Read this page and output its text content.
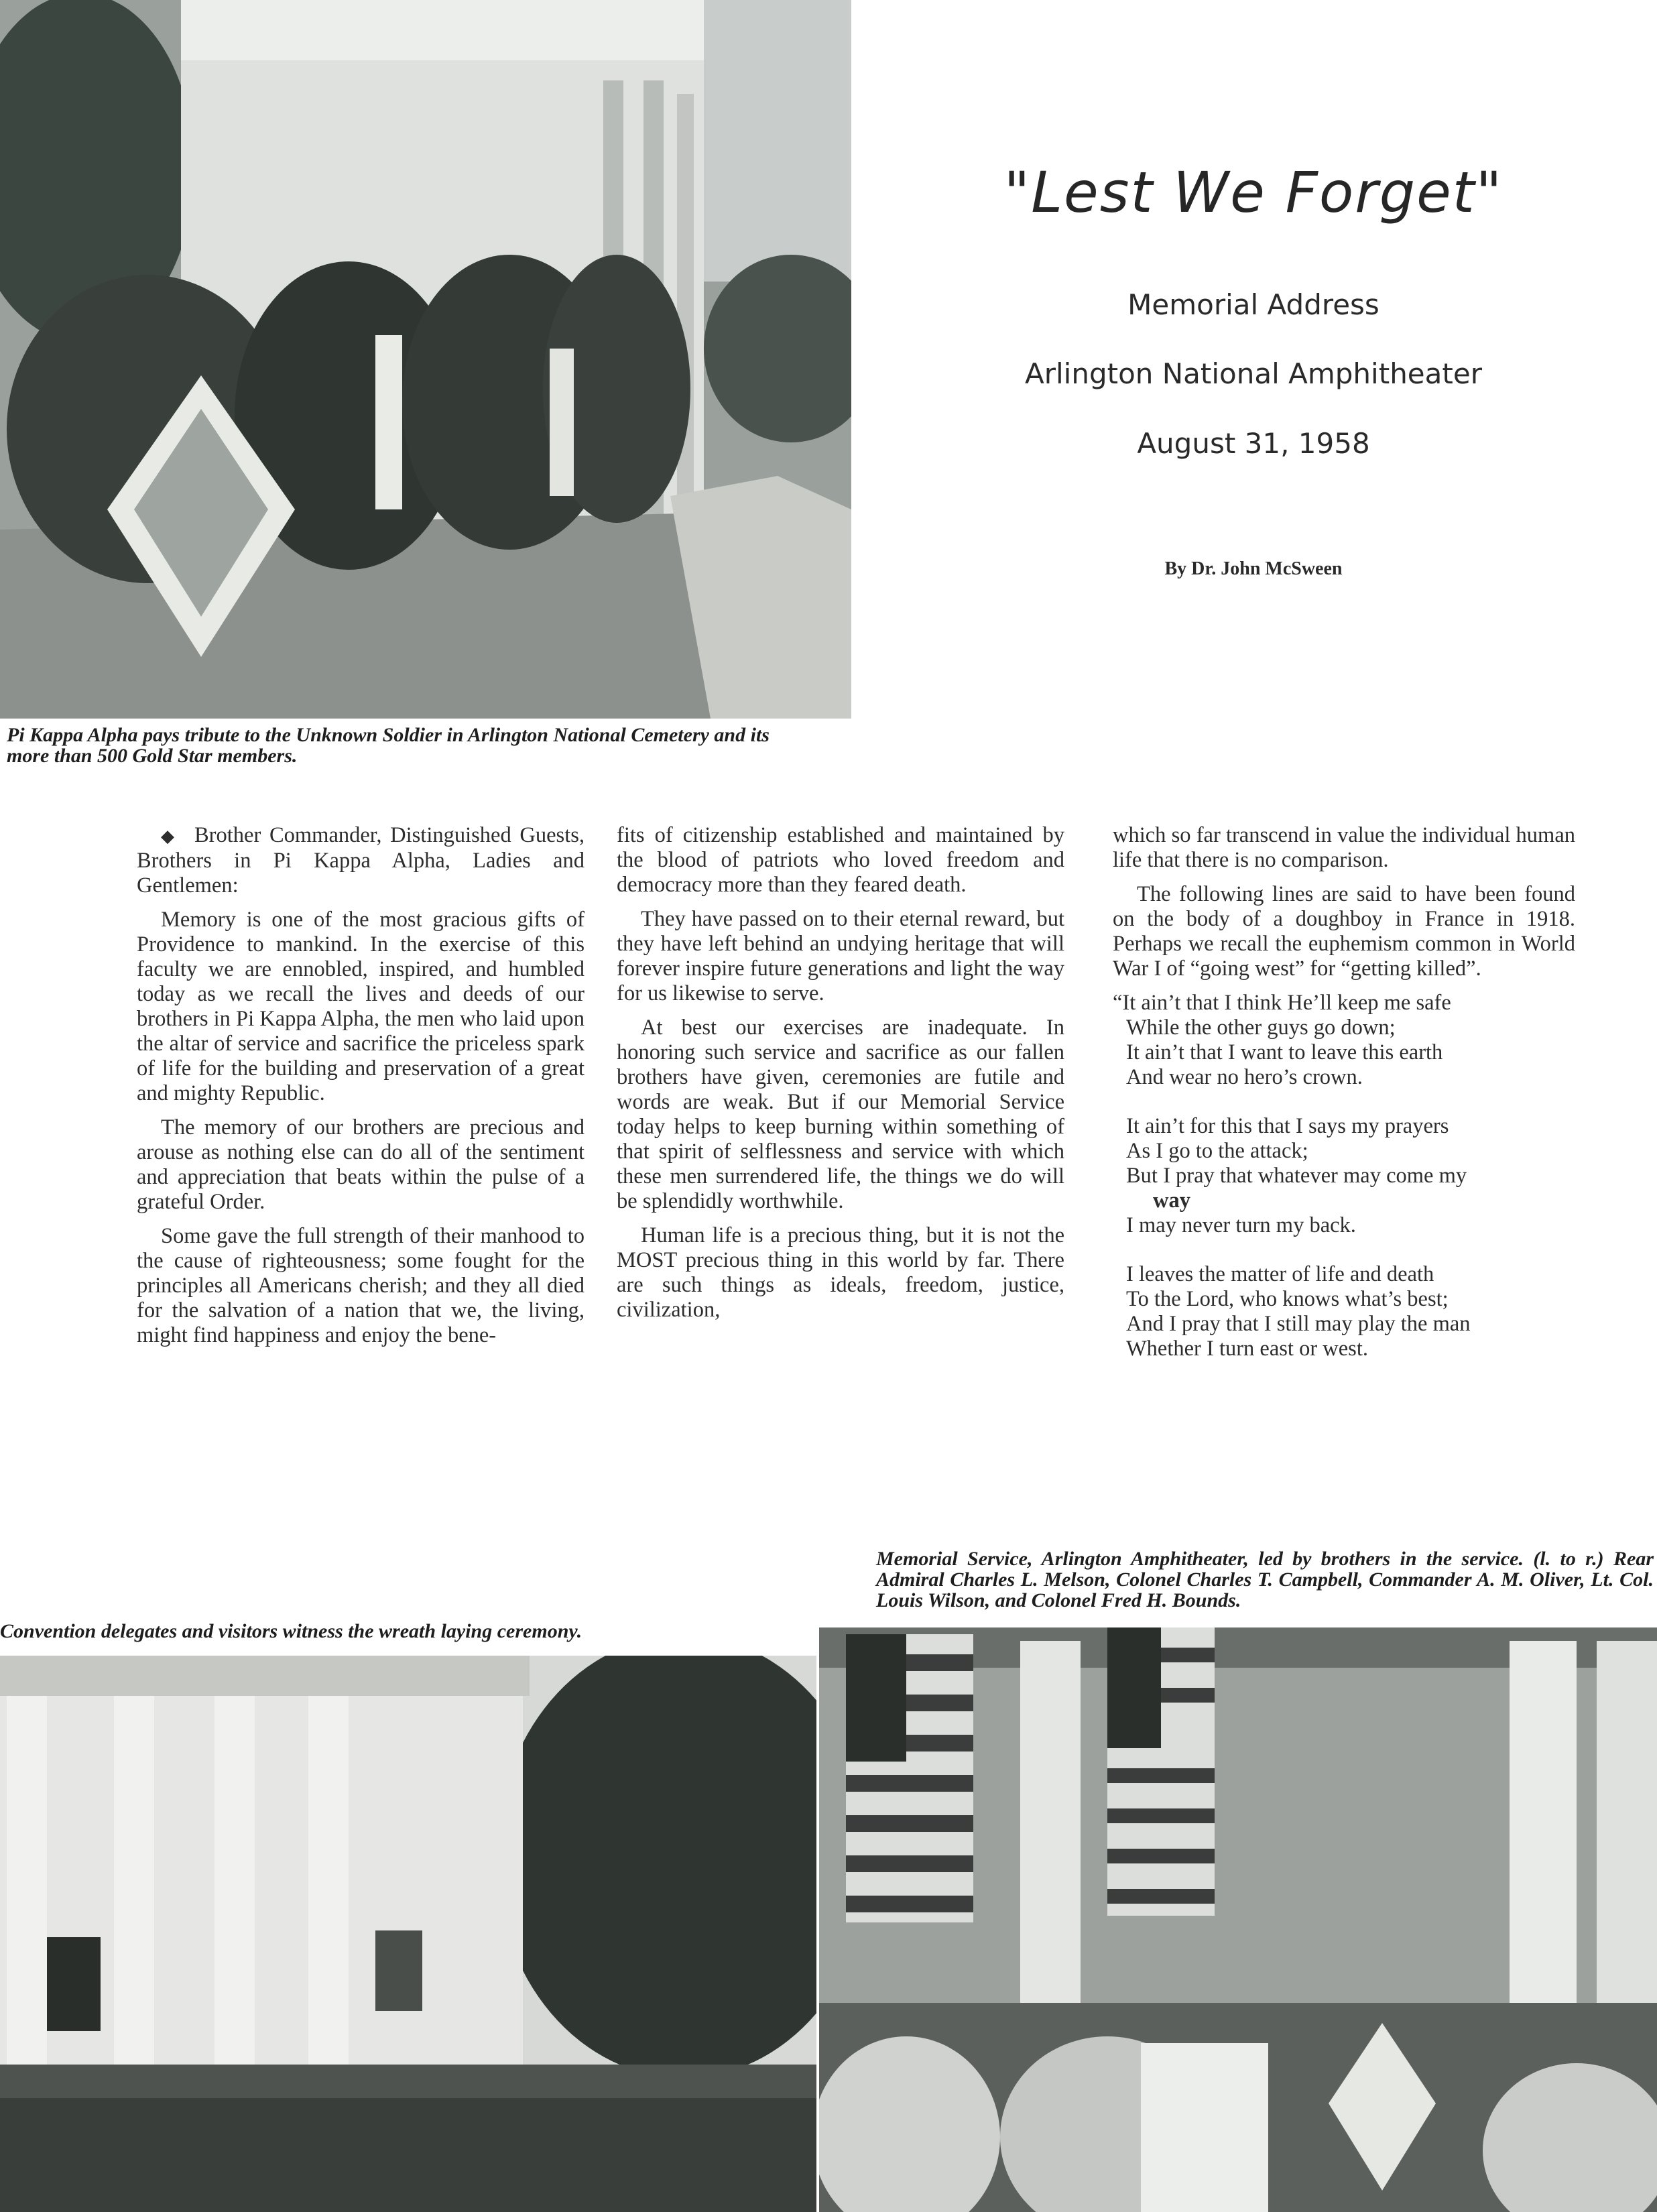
Pi Kappa Alpha pays tribute to the Unknown Soldier in Arlington National Cemetery and its more than 500 Gold Star members.

"Lest We Forget"

Memorial Address

Arlington National Amphitheater

August 31, 1958

By Dr. John McSween

◆ Brother Commander, Distinguished Guests, Brothers in Pi Kappa Alpha, Ladies and Gentlemen:

Memory is one of the most gracious gifts of Providence to mankind. In the exercise of this faculty we are ennobled, inspired, and humbled today as we recall the lives and deeds of our brothers in Pi Kappa Alpha, the men who laid upon the altar of service and sacrifice the priceless spark of life for the building and preservation of a great and mighty Republic.

The memory of our brothers are precious and arouse as nothing else can do all of the sentiment and appreciation that beats within the pulse of a grateful Order.

Some gave the full strength of their manhood to the cause of righteousness; some fought for the principles all Americans cherish; and they all died for the salvation of a nation that we, the living, might find happiness and enjoy the bene-

fits of citizenship established and maintained by the blood of patriots who loved freedom and democracy more than they feared death.

They have passed on to their eternal reward, but they have left behind an undying heritage that will forever inspire future generations and light the way for us likewise to serve.

At best our exercises are inadequate. In honoring such service and sacrifice as our fallen brothers have given, ceremonies are futile and words are weak. But if our Memorial Service today helps to keep burning within something of that spirit of selflessness and service with which these men surrendered life, the things we do will be splendidly worthwhile.

Human life is a precious thing, but it is not the MOST precious thing in this world by far. There are such things as ideals, freedom, justice, civilization,

which so far transcend in value the individual human life that there is no comparison.

The following lines are said to have been found on the body of a doughboy in France in 1918. Perhaps we recall the euphemism common in World War I of “going west” for “getting killed”.

“It ain’t that I think He’ll keep me safe
While the other guys go down;
It ain’t that I want to leave this earth
And wear no hero’s crown.
It ain’t for this that I says my prayers
As I go to the attack;
But I pray that whatever may come my
way
I may never turn my back.
I leaves the matter of life and death
To the Lord, who knows what’s best;
And I pray that I still may play the man
Whether I turn east or west.

Convention delegates and visitors witness the wreath laying ceremony.

Memorial Service, Arlington Amphitheater, led by brothers in the service. (l. to r.) Rear Admiral Charles L. Melson, Colonel Charles T. Campbell, Commander A. M. Oliver, Lt. Col. Louis Wilson, and Colonel Fred H. Bounds.
